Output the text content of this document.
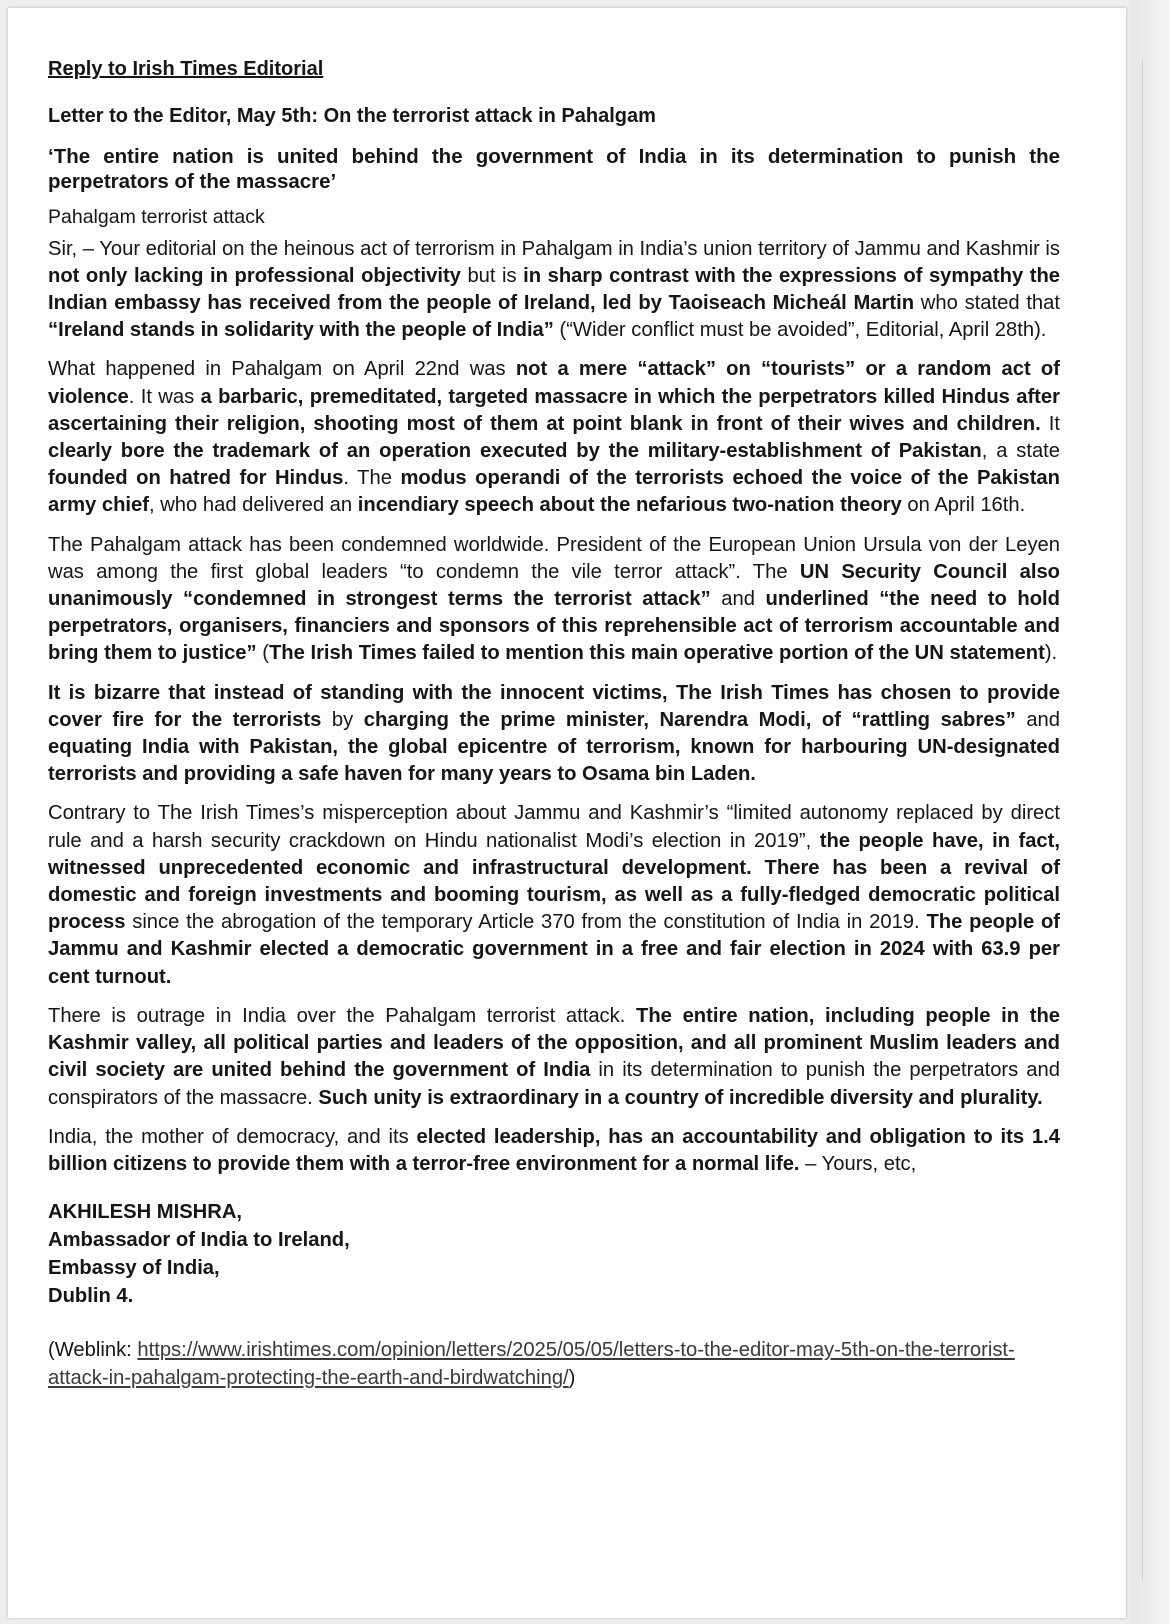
Reply to Irish Times Editorial
Letter to the Editor, May 5th: On the terrorist attack in Pahalgam
‘The entire nation is united behind the government of India in its determination to punish the perpetrators of the massacre’
Pahalgam terrorist attack

Sir, – Your editorial on the heinous act of terrorism in Pahalgam in India’s union territory of Jammu and Kashmir is not only lacking in professional objectivity but is in sharp contrast with the expressions of sympathy the Indian embassy has received from the people of Ireland, led by Taoiseach Micheál Martin who stated that “Ireland stands in solidarity with the people of India” (“Wider conflict must be avoided”, Editorial, April 28th).

What happened in Pahalgam on April 22nd was not a mere “attack” on “tourists” or a random act of violence. It was a barbaric, premeditated, targeted massacre in which the perpetrators killed Hindus after ascertaining their religion, shooting most of them at point blank in front of their wives and children. It clearly bore the trademark of an operation executed by the military-establishment of Pakistan, a state founded on hatred for Hindus. The modus operandi of the terrorists echoed the voice of the Pakistan army chief, who had delivered an incendiary speech about the nefarious two-nation theory on April 16th.

The Pahalgam attack has been condemned worldwide. President of the European Union Ursula von der Leyen was among the first global leaders “to condemn the vile terror attack”. The UN Security Council also unanimously “condemned in strongest terms the terrorist attack” and underlined “the need to hold perpetrators, organisers, financiers and sponsors of this reprehensible act of terrorism accountable and bring them to justice” (The Irish Times failed to mention this main operative portion of the UN statement).

It is bizarre that instead of standing with the innocent victims, The Irish Times has chosen to provide cover fire for the terrorists by charging the prime minister, Narendra Modi, of “rattling sabres” and equating India with Pakistan, the global epicentre of terrorism, known for harbouring UN-designated terrorists and providing a safe haven for many years to Osama bin Laden.

Contrary to The Irish Times’s misperception about Jammu and Kashmir’s “limited autonomy replaced by direct rule and a harsh security crackdown on Hindu nationalist Modi’s election in 2019”, the people have, in fact, witnessed unprecedented economic and infrastructural development. There has been a revival of domestic and foreign investments and booming tourism, as well as a fully-fledged democratic political process since the abrogation of the temporary Article 370 from the constitution of India in 2019. The people of Jammu and Kashmir elected a democratic government in a free and fair election in 2024 with 63.9 per cent turnout.

There is outrage in India over the Pahalgam terrorist attack. The entire nation, including people in the Kashmir valley, all political parties and leaders of the opposition, and all prominent Muslim leaders and civil society are united behind the government of India in its determination to punish the perpetrators and conspirators of the massacre. Such unity is extraordinary in a country of incredible diversity and plurality.

India, the mother of democracy, and its elected leadership, has an accountability and obligation to its 1.4 billion citizens to provide them with a terror-free environment for a normal life. – Yours, etc,

AKHILESH MISHRA,
Ambassador of India to Ireland,
Embassy of India,
Dublin 4.
(Weblink: https://www.irishtimes.com/opinion/letters/2025/05/05/letters-to-the-editor-may-5th-on-the-terrorist-attack-in-pahalgam-protecting-the-earth-and-birdwatching/)
